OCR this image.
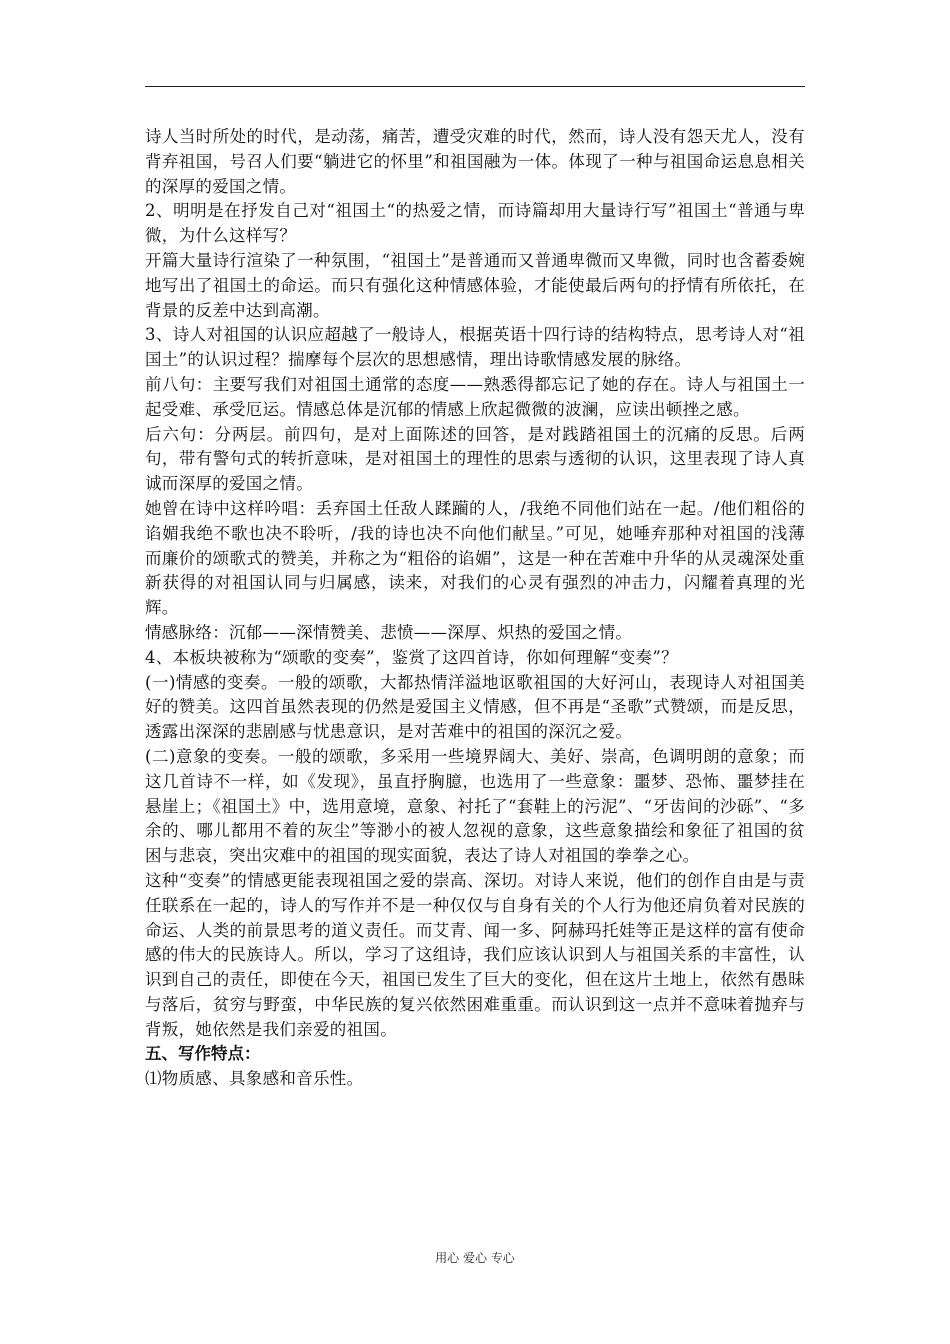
诗人当时所处的时代，是动荡，痛苦，遭受灾难的时代，然而，诗人没有怨天尤人，没有背弃祖国，号召人们要“躺进它的怀里”和祖国融为一体。体现了一种与祖国命运息息相关的深厚的爱国之情。

2、明明是在抒发自己对“祖国土“的热爱之情，而诗篇却用大量诗行写”祖国土“普通与卑微，为什么这样写？

开篇大量诗行渲染了一种氛围，“祖国土”是普通而又普通卑微而又卑微，同时也含蓄委婉地写出了祖国土的命运。而只有强化这种情感体验，才能使最后两句的抒情有所依托，在背景的反差中达到高潮。

3、诗人对祖国的认识应超越了一般诗人，根据英语十四行诗的结构特点，思考诗人对“祖国土”的认识过程？揣摩每个层次的思想感情，理出诗歌情感发展的脉络。

前八句：主要写我们对祖国土通常的态度——熟悉得都忘记了她的存在。诗人与祖国土一起受难、承受厄运。情感总体是沉郁的情感上欣起微微的波澜，应读出顿挫之感。

后六句：分两层。前四句，是对上面陈述的回答，是对践踏祖国土的沉痛的反思。后两句，带有警句式的转折意味，是对祖国土的理性的思索与透彻的认识，这里表现了诗人真诚而深厚的爱国之情。

她曾在诗中这样吟唱：丢弃国土任敌人蹂躏的人，/我绝不同他们站在一起。/他们粗俗的谄媚我绝不歌也决不聆听，/我的诗也决不向他们献呈。”可见，她唾弃那种对祖国的浅薄而廉价的颂歌式的赞美，并称之为“粗俗的谄媚”，这是一种在苦难中升华的从灵魂深处重新获得的对祖国认同与归属感，读来，对我们的心灵有强烈的冲击力，闪耀着真理的光辉。

情感脉络：沉郁——深情赞美、悲愤——深厚、炽热的爱国之情。

4、本板块被称为“颂歌的变奏”，鉴赏了这四首诗，你如何理解“变奏”？

(一)情感的变奏。一般的颂歌，大都热情洋溢地讴歌祖国的大好河山，表现诗人对祖国美好的赞美。这四首虽然表现的仍然是爱国主义情感，但不再是“圣歌”式赞颂，而是反思，透露出深深的悲剧感与忧患意识，是对苦难中的祖国的深沉之爱。

(二)意象的变奏。一般的颂歌，多采用一些境界阔大、美好、崇高，色调明朗的意象；而这几首诗不一样，如《发现》，虽直抒胸臆，也选用了一些意象：噩梦、恐怖、噩梦挂在悬崖上；《祖国土》中，选用意境，意象、衬托了“套鞋上的污泥”、“牙齿间的沙砾”、“多余的、哪儿都用不着的灰尘”等渺小的被人忽视的意象，这些意象描绘和象征了祖国的贫困与悲哀，突出灾难中的祖国的现实面貌，表达了诗人对祖国的拳拳之心。

这种“变奏”的情感更能表现祖国之爱的崇高、深切。对诗人来说，他们的创作自由是与责任联系在一起的，诗人的写作并不是一种仅仅与自身有关的个人行为他还肩负着对民族的命运、人类的前景思考的道义责任。而艾青、闻一多、阿赫玛托娃等正是这样的富有使命感的伟大的民族诗人。所以，学习了这组诗，我们应该认识到人与祖国关系的丰富性，认识到自己的责任，即使在今天，祖国已发生了巨大的变化，但在这片土地上，依然有愚昧与落后，贫穷与野蛮，中华民族的复兴依然困难重重。而认识到这一点并不意味着抛弃与背叛，她依然是我们亲爱的祖国。

五、写作特点：

⑴物质感、具象感和音乐性。

用心 爱心 专心
